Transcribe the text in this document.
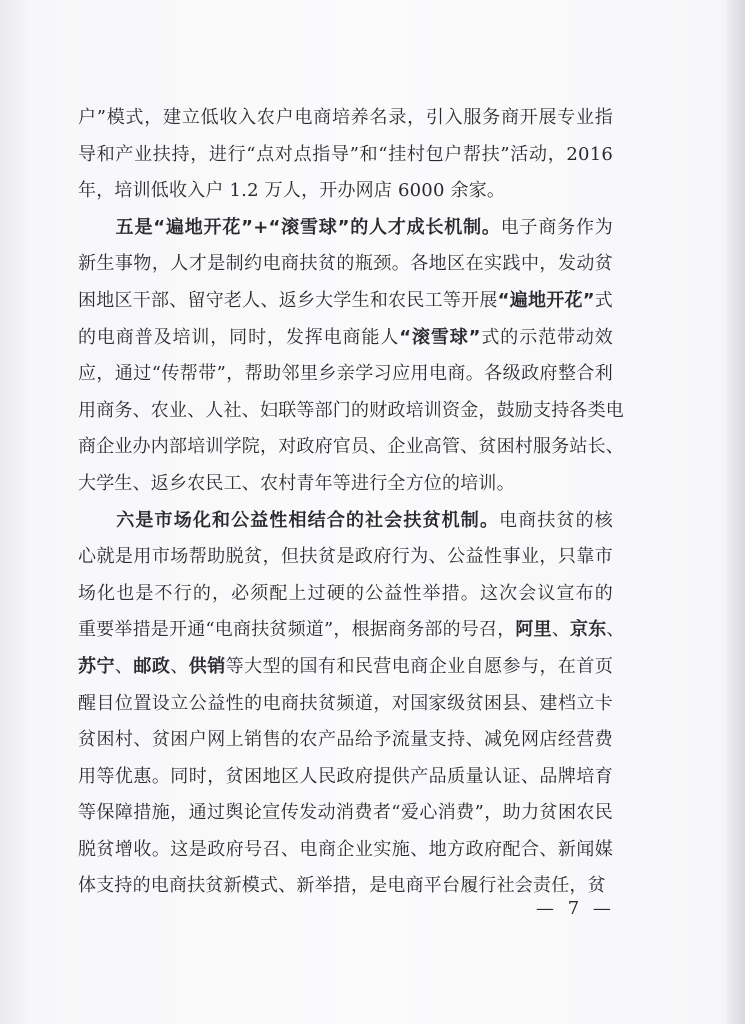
户”模式，建立低收入农户电商培养名录，引入服务商开展专业指
导和产业扶持，进行“点对点指导”和“挂村包户帮扶”活动，2016
年，培训低收入户 1.2 万人，开办网店 6000 余家。
　　五是“遍地开花”+“滚雪球”的人才成长机制。电子商务作为
新生事物，人才是制约电商扶贫的瓶颈。各地区在实践中，发动贫
困地区干部、留守老人、返乡大学生和农民工等开展“遍地开花”式
的电商普及培训，同时，发挥电商能人“滚雪球”式的示范带动效
应，通过“传帮带”，帮助邻里乡亲学习应用电商。各级政府整合利
用商务、农业、人社、妇联等部门的财政培训资金，鼓励支持各类电
商企业办内部培训学院，对政府官员、企业高管、贫困村服务站长、
大学生、返乡农民工、农村青年等进行全方位的培训。
　　六是市场化和公益性相结合的社会扶贫机制。电商扶贫的核
心就是用市场帮助脱贫，但扶贫是政府行为、公益性事业，只靠市
场化也是不行的，必须配上过硬的公益性举措。这次会议宣布的
重要举措是开通“电商扶贫频道”，根据商务部的号召，阿里、京东、
苏宁、邮政、供销等大型的国有和民营电商企业自愿参与，在首页
醒目位置设立公益性的电商扶贫频道，对国家级贫困县、建档立卡
贫困村、贫困户网上销售的农产品给予流量支持、减免网店经营费
用等优惠。同时，贫困地区人民政府提供产品质量认证、品牌培育
等保障措施，通过舆论宣传发动消费者“爱心消费”，助力贫困农民
脱贫增收。这是政府号召、电商企业实施、地方政府配合、新闻媒
体支持的电商扶贫新模式、新举措，是电商平台履行社会责任，贫
— 7 —
